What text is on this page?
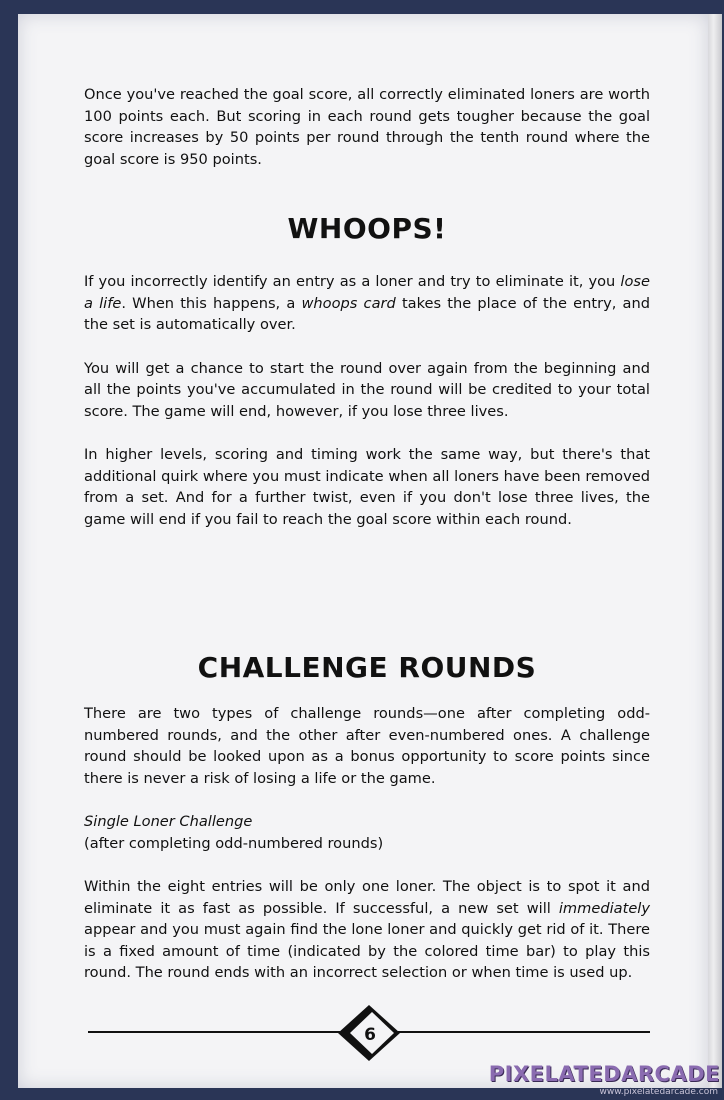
Once you've reached the goal score, all correctly eliminated loners are worth 100 points each. But scoring in each round gets tougher because the goal score increases by 50 points per round through the tenth round where the goal score is 950 points.

WHOOPS!

If you incorrectly identify an entry as a loner and try to eliminate it, you lose a life. When this happens, a whoops card takes the place of the entry, and the set is automatically over.

You will get a chance to start the round over again from the beginning and all the points you've accumulated in the round will be credited to your total score. The game will end, however, if you lose three lives.

In higher levels, scoring and timing work the same way, but there's that additional quirk where you must indicate when all loners have been removed from a set. And for a further twist, even if you don't lose three lives, the game will end if you fail to reach the goal score within each round.

CHALLENGE ROUNDS

There are two types of challenge rounds—one after completing odd-numbered rounds, and the other after even-numbered ones. A challenge round should be looked upon as a bonus opportunity to score points since there is never a risk of losing a life or the game.

Single Loner Challenge

(after completing odd-numbered rounds)

Within the eight entries will be only one loner. The object is to spot it and eliminate it as fast as possible. If successful, a new set will immediately appear and you must again find the lone loner and quickly get rid of it. There is a fixed amount of time (indicated by the colored time bar) to play this round. The round ends with an incorrect selection or when time is used up.

6
PIXELATEDARCADE
www.pixelatedarcade.com
